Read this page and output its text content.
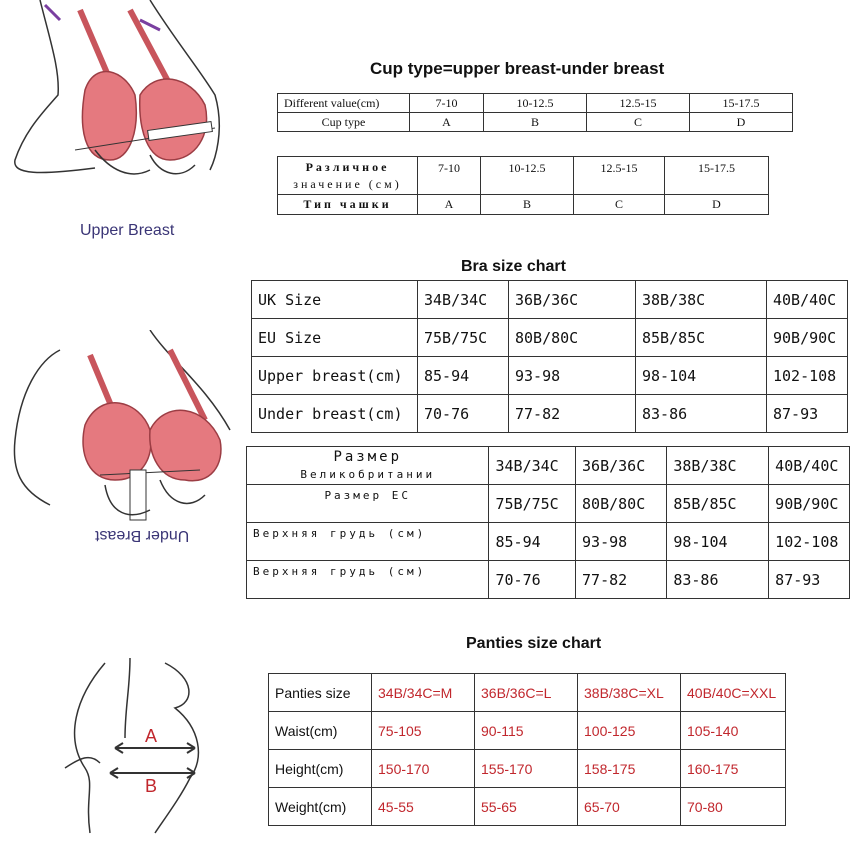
Upper Breast
Under Breast
A
B
Cup type=upper breast-under breast
Different value(cm)	7-10	10-12.5	12.5-15	15-17.5
Cup type	A	B	C	D
Различное
значение (см)	7-10	10-12.5	12.5-15	15-17.5
Тип чашки	A	B	C	D
Bra size chart
UK Size	34B/34C	36B/36C	38B/38C	40B/40C
EU Size	75B/75C	80B/80C	85B/85C	90B/90C
Upper breast(cm)	85-94	93-98	98-104	102-108
Under breast(cm)	70-76	77-82	83-86	87-93
Размер
Великобритании	34B/34C	36B/36C	38B/38C	40B/40C
Размер ЕС	75B/75C	80B/80C	85B/85C	90B/90C
Верхняя грудь (см)	85-94	93-98	98-104	102-108
Верхняя грудь (см)	70-76	77-82	83-86	87-93
Panties size chart
Panties size	34B/34C=M	36B/36C=L	38B/38C=XL	40B/40C=XXL
Waist(cm)	75-105	90-115	100-125	105-140
Height(cm)	150-170	155-170	158-175	160-175
Weight(cm)	45-55	55-65	65-70	70-80
